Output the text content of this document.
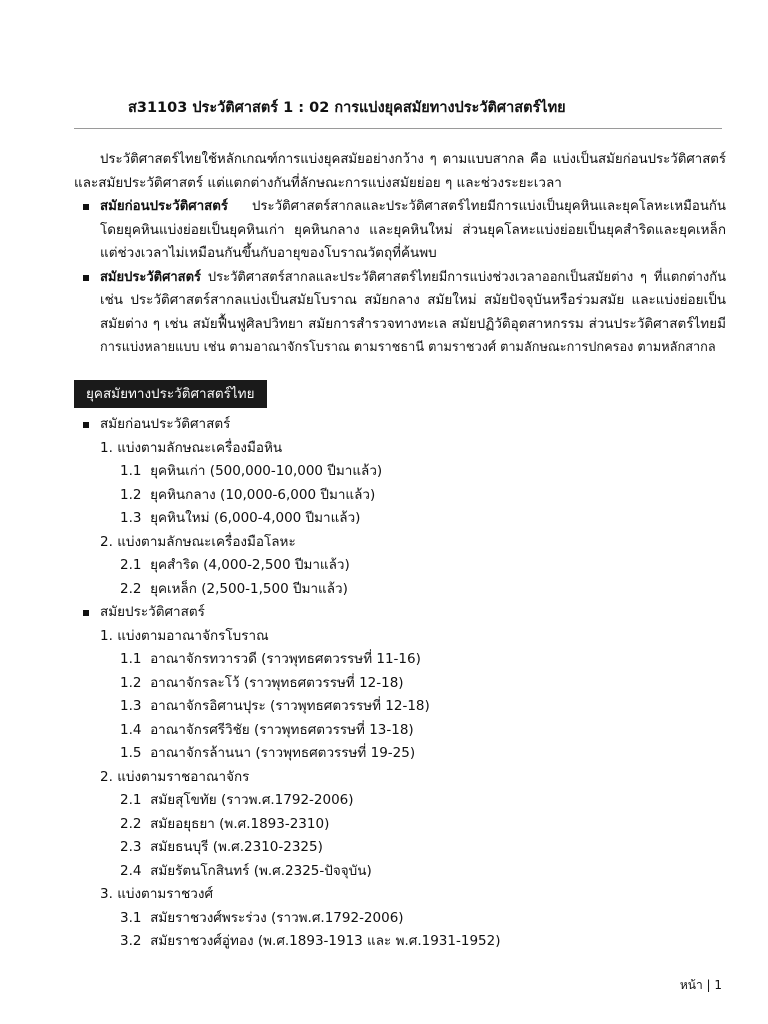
ส31103 ประวัติศาสตร์ 1 : 02 การแบ่งยุคสมัยทางประวัติศาสตร์ไทย
ประวัติศาสตร์ไทยใช้หลักเกณฑ์การแบ่งยุคสมัยอย่างกว้าง ๆ ตามแบบสากล คือ แบ่งเป็นสมัยก่อนประวัติศาสตร์
และสมัยประวัติศาสตร์ แต่แตกต่างกันที่ลักษณะการแบ่งสมัยย่อย ๆ และช่วงระยะเวลา
สมัยก่อนประวัติศาสตร์ ประวัติศาสตร์สากลและประวัติศาสตร์ไทยมีการแบ่งเป็นยุคหินและยุคโลหะเหมือนกัน
โดยยุคหินแบ่งย่อยเป็นยุคหินเก่า ยุคหินกลาง และยุคหินใหม่ ส่วนยุคโลหะแบ่งย่อยเป็นยุคสำริดและยุคเหล็ก
แต่ช่วงเวลาไม่เหมือนกันขึ้นกับอายุของโบราณวัตถุที่ค้นพบ
สมัยประวัติศาสตร์ ประวัติศาสตร์สากลและประวัติศาสตร์ไทยมีการแบ่งช่วงเวลาออกเป็นสมัยต่าง ๆ ที่แตกต่างกัน
เช่น ประวัติศาสตร์สากลแบ่งเป็นสมัยโบราณ สมัยกลาง สมัยใหม่ สมัยปัจจุบันหรือร่วมสมัย และแบ่งย่อยเป็น
สมัยต่าง ๆ เช่น สมัยฟื้นฟูศิลปวิทยา สมัยการสำรวจทางทะเล สมัยปฏิวัติอุตสาหกรรม ส่วนประวัติศาสตร์ไทยมี
การแบ่งหลายแบบ เช่น ตามอาณาจักรโบราณ ตามราชธานี ตามราชวงศ์ ตามลักษณะการปกครอง ตามหลักสากล
ยุคสมัยทางประวัติศาสตร์ไทย
สมัยก่อนประวัติศาสตร์
1. แบ่งตามลักษณะเครื่องมือหิน
1.1 ยุคหินเก่า (500,000-10,000 ปีมาแล้ว)
1.2 ยุคหินกลาง (10,000-6,000 ปีมาแล้ว)
1.3 ยุคหินใหม่ (6,000-4,000 ปีมาแล้ว)
2. แบ่งตามลักษณะเครื่องมือโลหะ
2.1 ยุคสำริด (4,000-2,500 ปีมาแล้ว)
2.2 ยุคเหล็ก (2,500-1,500 ปีมาแล้ว)
สมัยประวัติศาสตร์
1. แบ่งตามอาณาจักรโบราณ
1.1 อาณาจักรทวารวดี (ราวพุทธศตวรรษที่ 11-16)
1.2 อาณาจักรละโว้ (ราวพุทธศตวรรษที่ 12-18)
1.3 อาณาจักรอิศานปุระ (ราวพุทธศตวรรษที่ 12-18)
1.4 อาณาจักรศรีวิชัย (ราวพุทธศตวรรษที่ 13-18)
1.5 อาณาจักรล้านนา (ราวพุทธศตวรรษที่ 19-25)
2. แบ่งตามราชอาณาจักร
2.1 สมัยสุโขทัย (ราวพ.ศ.1792-2006)
2.2 สมัยอยุธยา (พ.ศ.1893-2310)
2.3 สมัยธนบุรี (พ.ศ.2310-2325)
2.4 สมัยรัตนโกสินทร์ (พ.ศ.2325-ปัจจุบัน)
3. แบ่งตามราชวงศ์
3.1 สมัยราชวงศ์พระร่วง (ราวพ.ศ.1792-2006)
3.2 สมัยราชวงศ์อู่ทอง (พ.ศ.1893-1913 และ พ.ศ.1931-1952)
หน้า | 1
